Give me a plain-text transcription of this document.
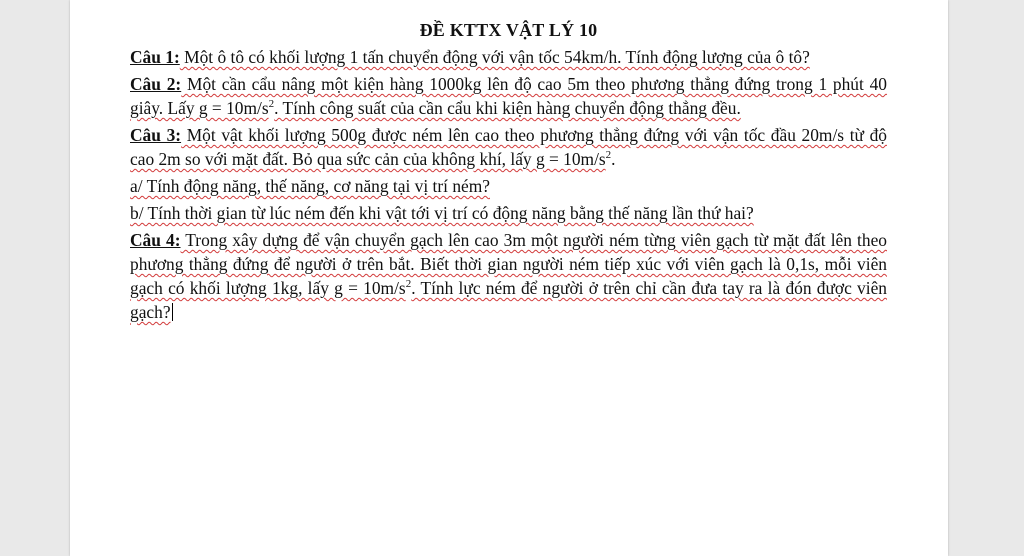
ĐỀ KTTX VẬT LÝ 10

Câu 1: Một ô tô có khối lượng 1 tấn chuyển động với vận tốc 54km/h. Tính động lượng của ô tô?

Câu 2: Một cần cẩu nâng một kiện hàng 1000kg lên độ cao 5m theo phương thẳng đứng trong 1 phút 40 giây. Lấy $g = 10m/s^2$. Tính công suất của cần cẩu khi kiện hàng chuyển động thẳng đều.

Câu 3: Một vật khối lượng 500g được ném lên cao theo phương thẳng đứng với vận tốc đầu 20m/s từ độ cao 2m so với mặt đất. Bỏ qua sức cản của không khí, lấy $g = 10m/s^2$.

a/ Tính động năng, thế năng, cơ năng tại vị trí ném?

b/ Tính thời gian từ lúc ném đến khi vật tới vị trí có động năng bằng thế năng lần thứ hai?

Câu 4: Trong xây dựng để vận chuyển gạch lên cao 3m một người ném từng viên gạch từ mặt đất lên theo phương thẳng đứng để người ở trên bắt. Biết thời gian người ném tiếp xúc với viên gạch là 0,1s, mỗi viên gạch có khối lượng 1kg, lấy $g = 10m/s^2$. Tính lực ném để người ở trên chỉ cần đưa tay ra là đón được viên gạch?
